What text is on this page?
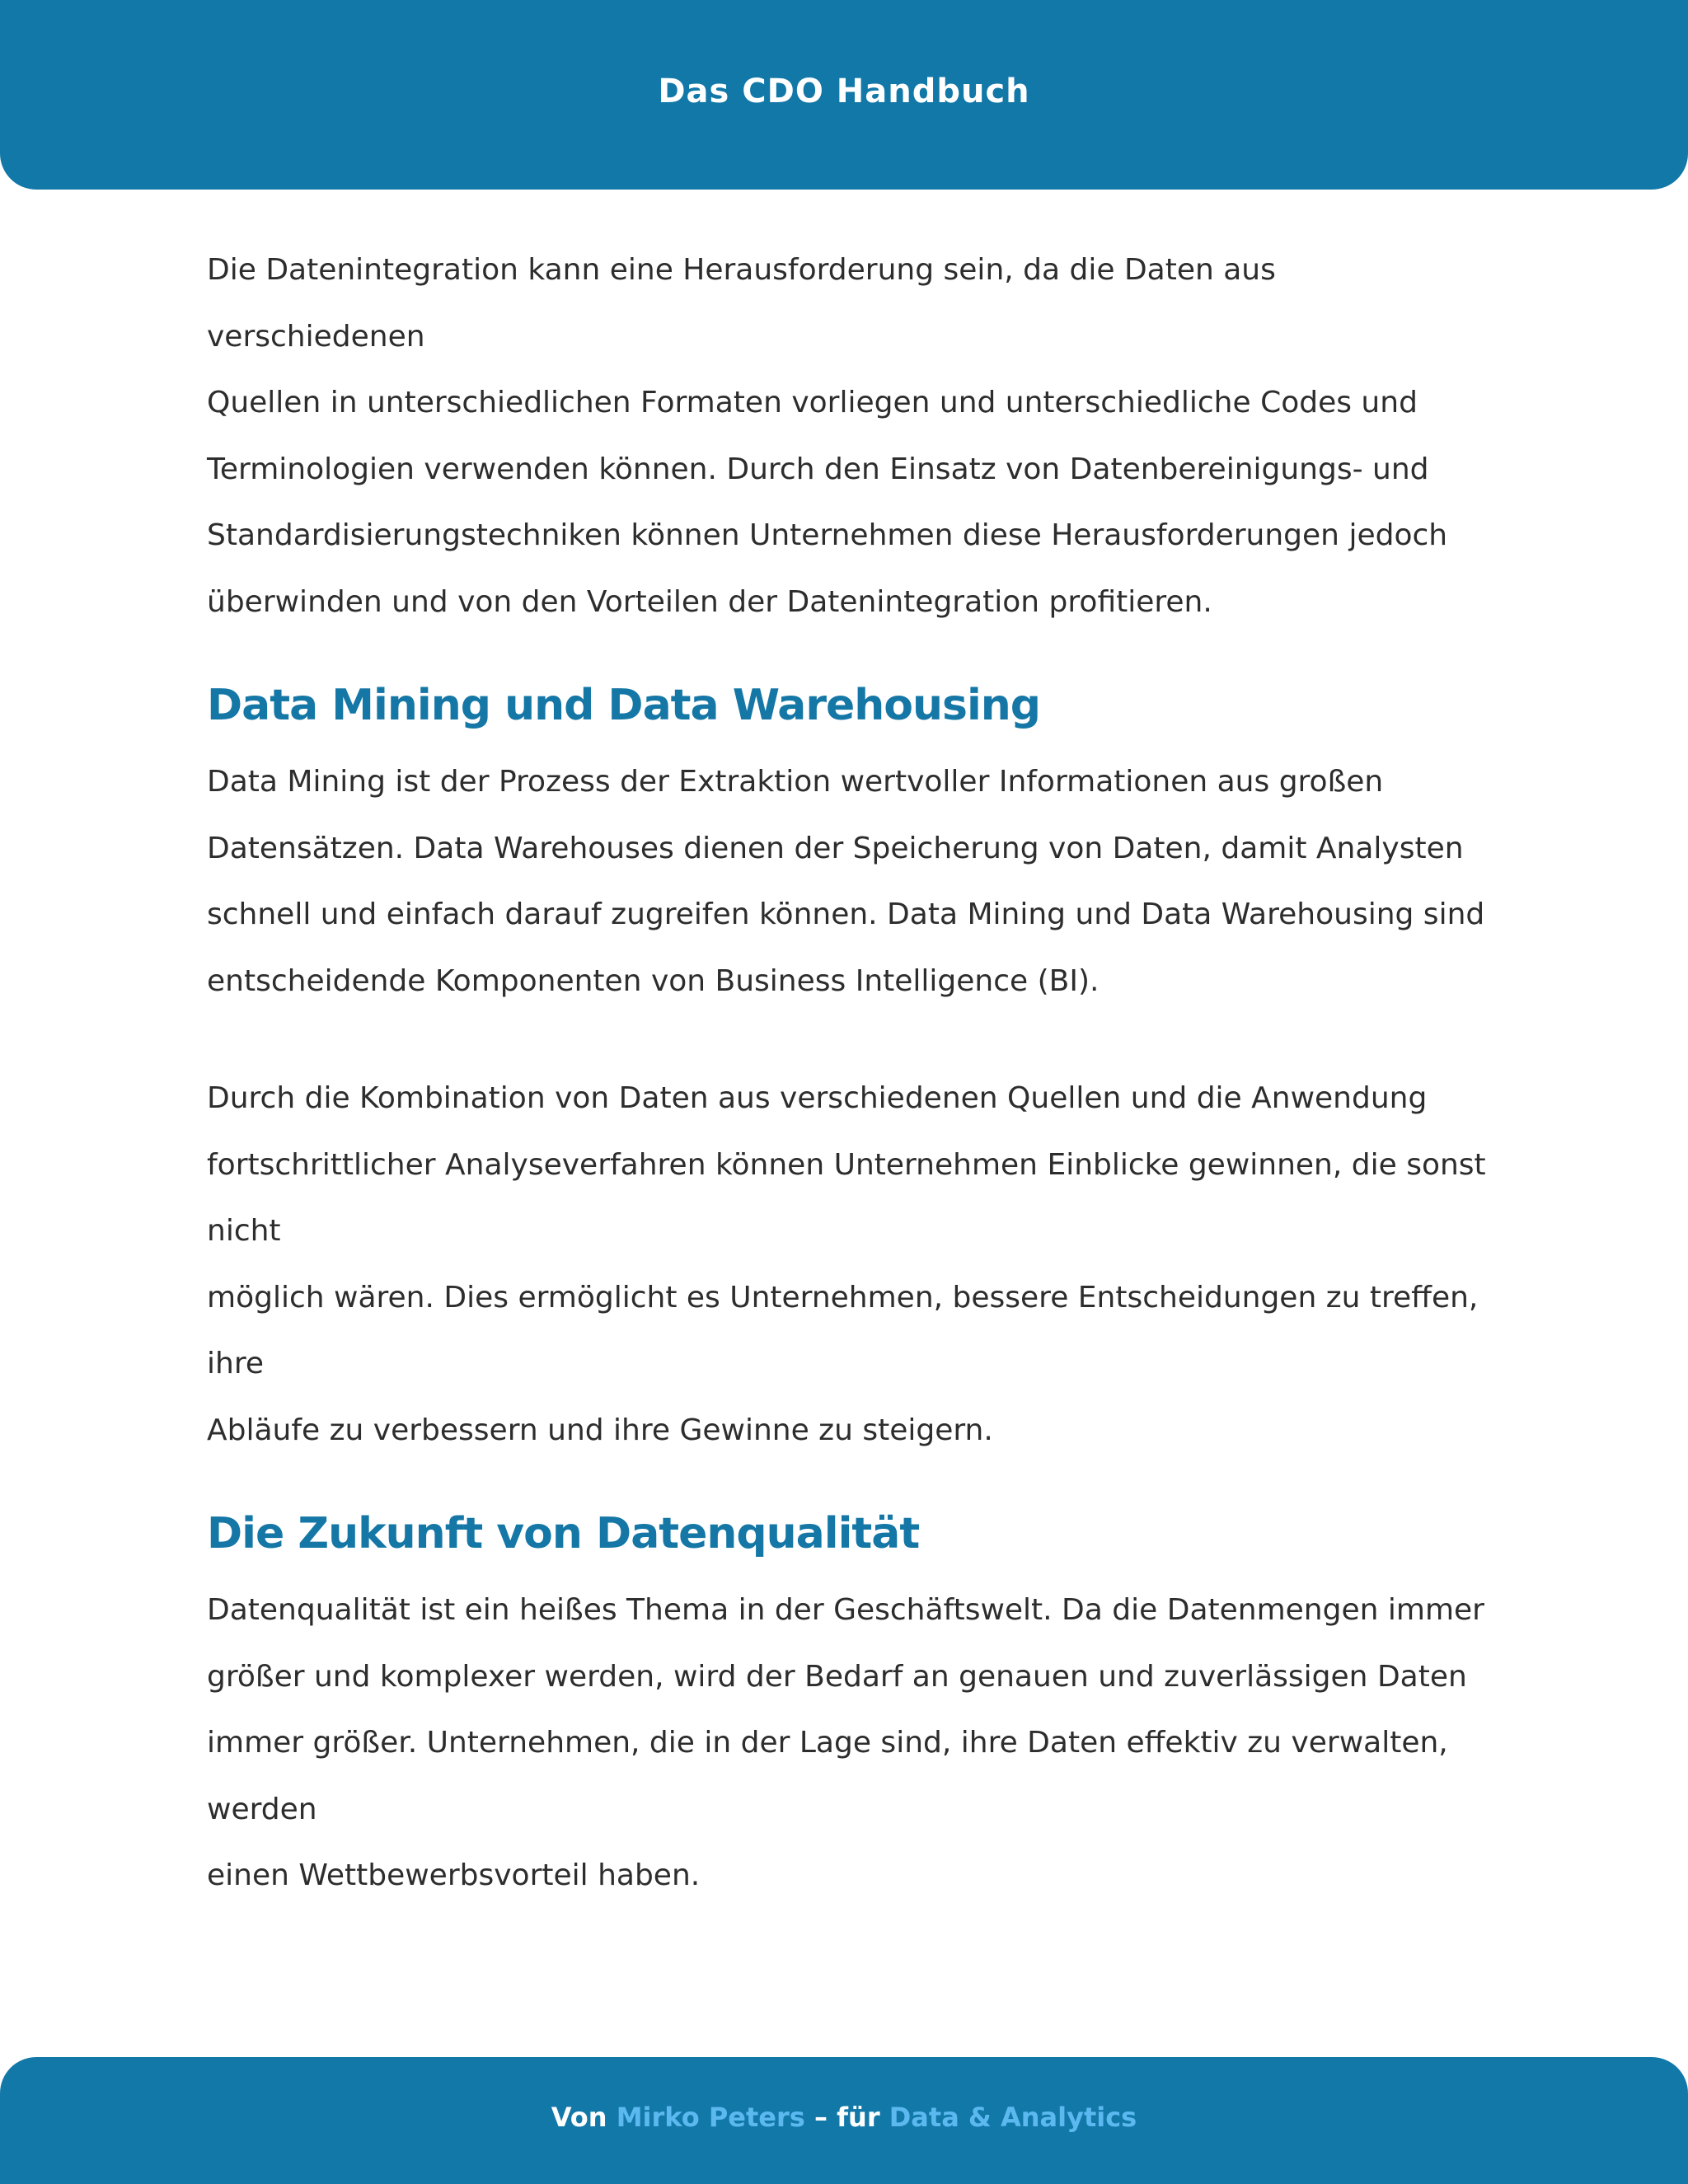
Das CDO Handbuch

Die Datenintegration kann eine Herausforderung sein, da die Daten aus verschiedenen
Quellen in unterschiedlichen Formaten vorliegen und unterschiedliche Codes und
Terminologien verwenden können. Durch den Einsatz von Datenbereinigungs- und
Standardisierungstechniken können Unternehmen diese Herausforderungen jedoch
überwinden und von den Vorteilen der Datenintegration profitieren.

Data Mining und Data Warehousing

Data Mining ist der Prozess der Extraktion wertvoller Informationen aus großen
Datensätzen. Data Warehouses dienen der Speicherung von Daten, damit Analysten
schnell und einfach darauf zugreifen können. Data Mining und Data Warehousing sind
entscheidende Komponenten von Business Intelligence (BI).

Durch die Kombination von Daten aus verschiedenen Quellen und die Anwendung
fortschrittlicher Analyseverfahren können Unternehmen Einblicke gewinnen, die sonst nicht
möglich wären. Dies ermöglicht es Unternehmen, bessere Entscheidungen zu treffen, ihre
Abläufe zu verbessern und ihre Gewinne zu steigern.

Die Zukunft von Datenqualität

Datenqualität ist ein heißes Thema in der Geschäftswelt. Da die Datenmengen immer
größer und komplexer werden, wird der Bedarf an genauen und zuverlässigen Daten
immer größer. Unternehmen, die in der Lage sind, ihre Daten effektiv zu verwalten, werden
einen Wettbewerbsvorteil haben.

Von Mirko Peters – für Data & Analytics
